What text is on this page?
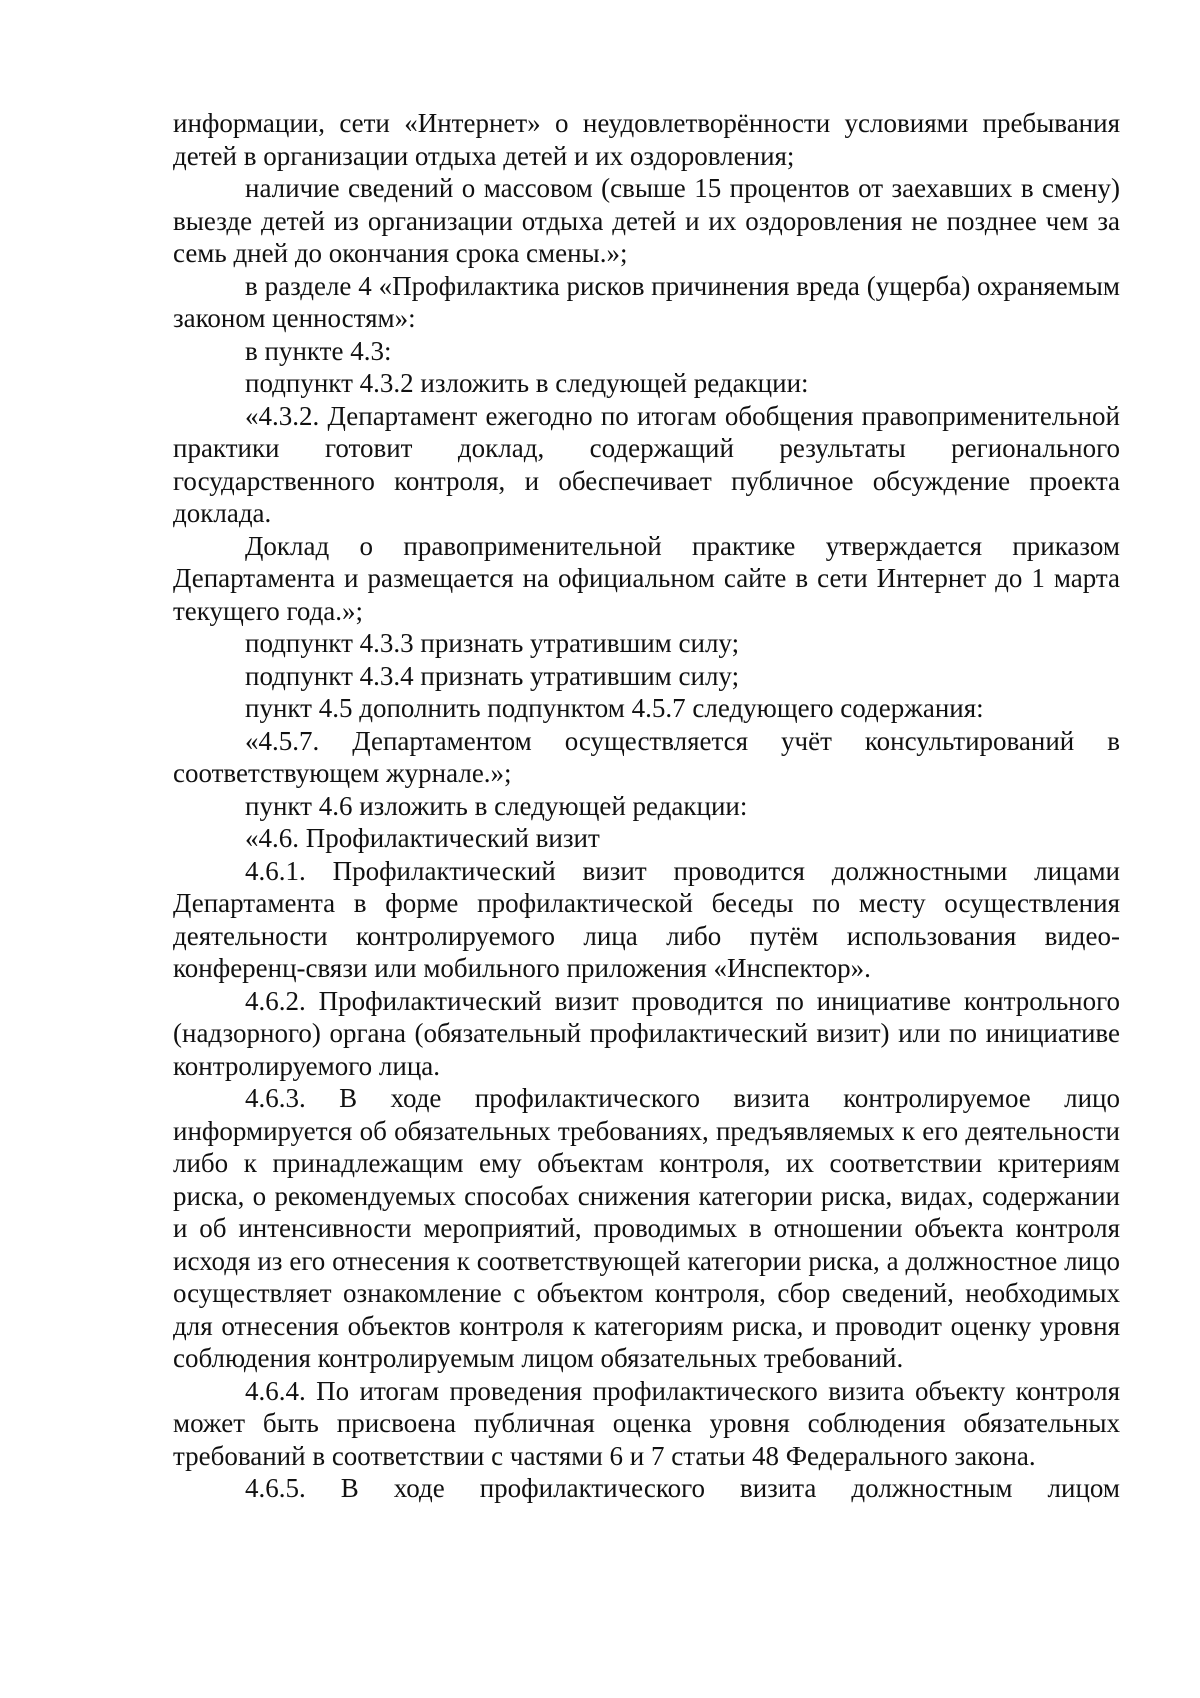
информации, сети «Интернет» о неудовлетворённости условиями пребывания детей в организации отдыха детей и их оздоровления;

наличие сведений о массовом (свыше 15 процентов от заехавших в смену) выезде детей из организации отдыха детей и их оздоровления не позднее чем за семь дней до окончания срока смены.»;

в разделе 4 «Профилактика рисков причинения вреда (ущерба) охраняемым законом ценностям»:

в пункте 4.3:

подпункт 4.3.2 изложить в следующей редакции:

«4.3.2. Департамент ежегодно по итогам обобщения правоприменительной практики готовит доклад, содержащий результаты регионального государственного контроля, и обеспечивает публичное обсуждение проекта доклада.

Доклад о правоприменительной практике утверждается приказом Департамента и размещается на официальном сайте в сети Интернет до 1 марта текущего года.»;

подпункт 4.3.3 признать утратившим силу;

подпункт 4.3.4 признать утратившим силу;

пункт 4.5 дополнить подпунктом 4.5.7 следующего содержания:

«4.5.7. Департаментом осуществляется учёт консультирований в соответствующем журнале.»;

пункт 4.6 изложить в следующей редакции:

«4.6. Профилактический визит

4.6.1. Профилактический визит проводится должностными лицами Департамента в форме профилактической беседы по месту осуществления деятельности контролируемого лица либо путём использования видео-конференц-связи или мобильного приложения «Инспектор».

4.6.2. Профилактический визит проводится по инициативе контрольного (надзорного) органа (обязательный профилактический визит) или по инициативе контролируемого лица.

4.6.3. В ходе профилактического визита контролируемое лицо информируется об обязательных требованиях, предъявляемых к его деятельности либо к принадлежащим ему объектам контроля, их соответствии критериям риска, о рекомендуемых способах снижения категории риска, видах, содержании и об интенсивности мероприятий, проводимых в отношении объекта контроля исходя из его отнесения к соответствующей категории риска, а должностное лицо осуществляет ознакомление с объектом контроля, сбор сведений, необходимых для отнесения объектов контроля к категориям риска, и проводит оценку уровня соблюдения контролируемым лицом обязательных требований.

4.6.4. По итогам проведения профилактического визита объекту контроля может быть присвоена публичная оценка уровня соблюдения обязательных требований в соответствии с частями 6 и 7 статьи 48 Федерального закона.

4.6.5. В ходе профилактического визита должностным лицом
